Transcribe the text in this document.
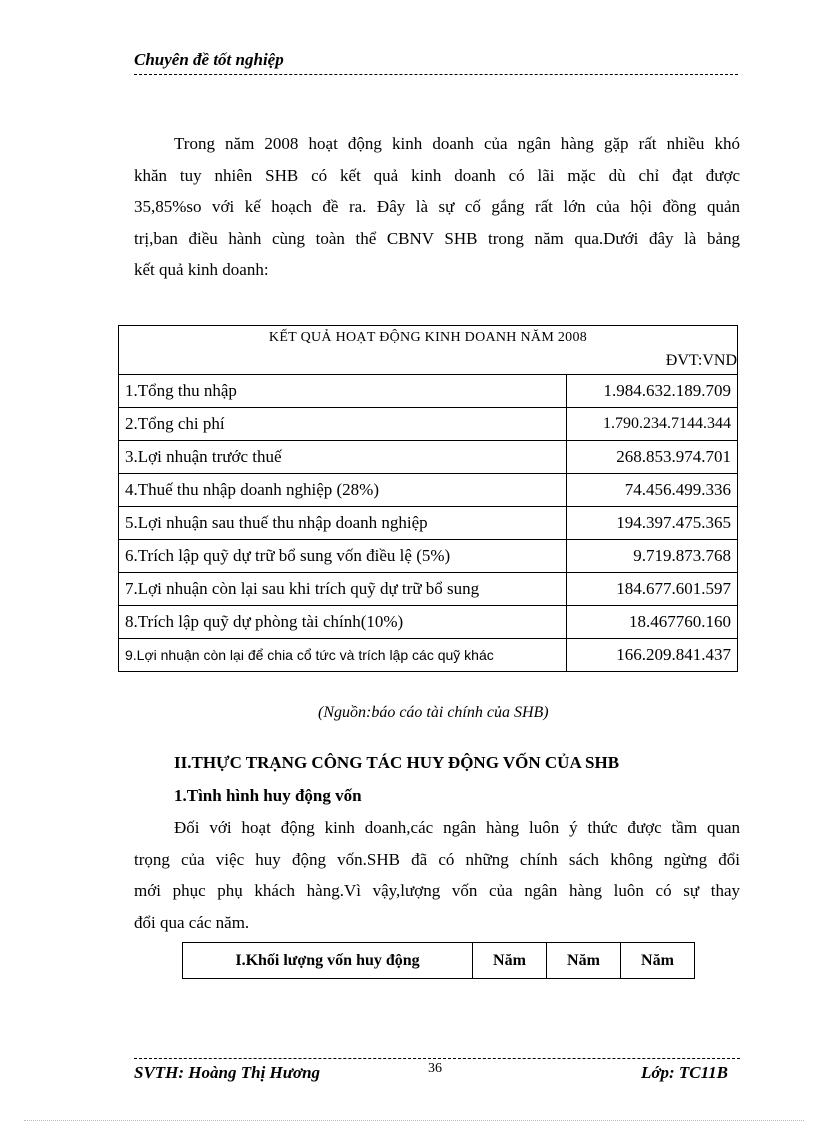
Chuyên đề tốt nghiệp
Trong năm 2008 hoạt động kinh doanh của ngân hàng gặp rất nhiều khó
khăn tuy nhiên SHB có kết quả kinh doanh có lãi mặc dù chỉ đạt được
35,85%so với kế hoạch đề ra. Đây là sự cố gắng rất lớn của hội đồng quản
trị,ban điều hành cùng toàn thể CBNV SHB trong năm qua.Dưới đây là bảng
kết quả kinh doanh:
KẾT QUẢ HOẠT ĐỘNG KINH DOANH NĂM 2008
ĐVT:VND	

1.Tổng thu nhập	1.984.632.189.709
2.Tổng chi phí	1.790.234.7144.344
3.Lợi nhuận trước thuế	268.853.974.701
4.Thuế thu nhập doanh nghiệp (28%)	74.456.499.336
5.Lợi nhuận sau thuế thu nhập doanh nghiệp	194.397.475.365
6.Trích lập quỹ dự trữ bổ sung vốn điều lệ (5%)	9.719.873.768
7.Lợi nhuận còn lại sau khi trích quỹ dự trữ bổ sung	184.677.601.597
8.Trích lập quỹ dự phòng tài chính(10%)	18.467760.160
9.Lợi nhuận còn lại để chia cổ tức và trích lập các quỹ khác	166.209.841.437
(Nguồn:báo cáo tài chính của SHB)
II.THỰC TRẠNG CÔNG TÁC HUY ĐỘNG VỐN CỦA SHB
1.Tình hình huy động vốn
Đối với hoạt động kinh doanh,các ngân hàng luôn ý thức được tầm quan
trọng của việc huy động vốn.SHB đã có những chính sách không ngừng đổi
mới phục phụ khách hàng.Vì vậy,lượng vốn của ngân hàng luôn có sự thay
đổi qua các năm.
I.Khối lượng vốn huy động	Năm	Năm	Năm
SVTH: Hoàng Thị Hương	36	Lớp: TC11B
